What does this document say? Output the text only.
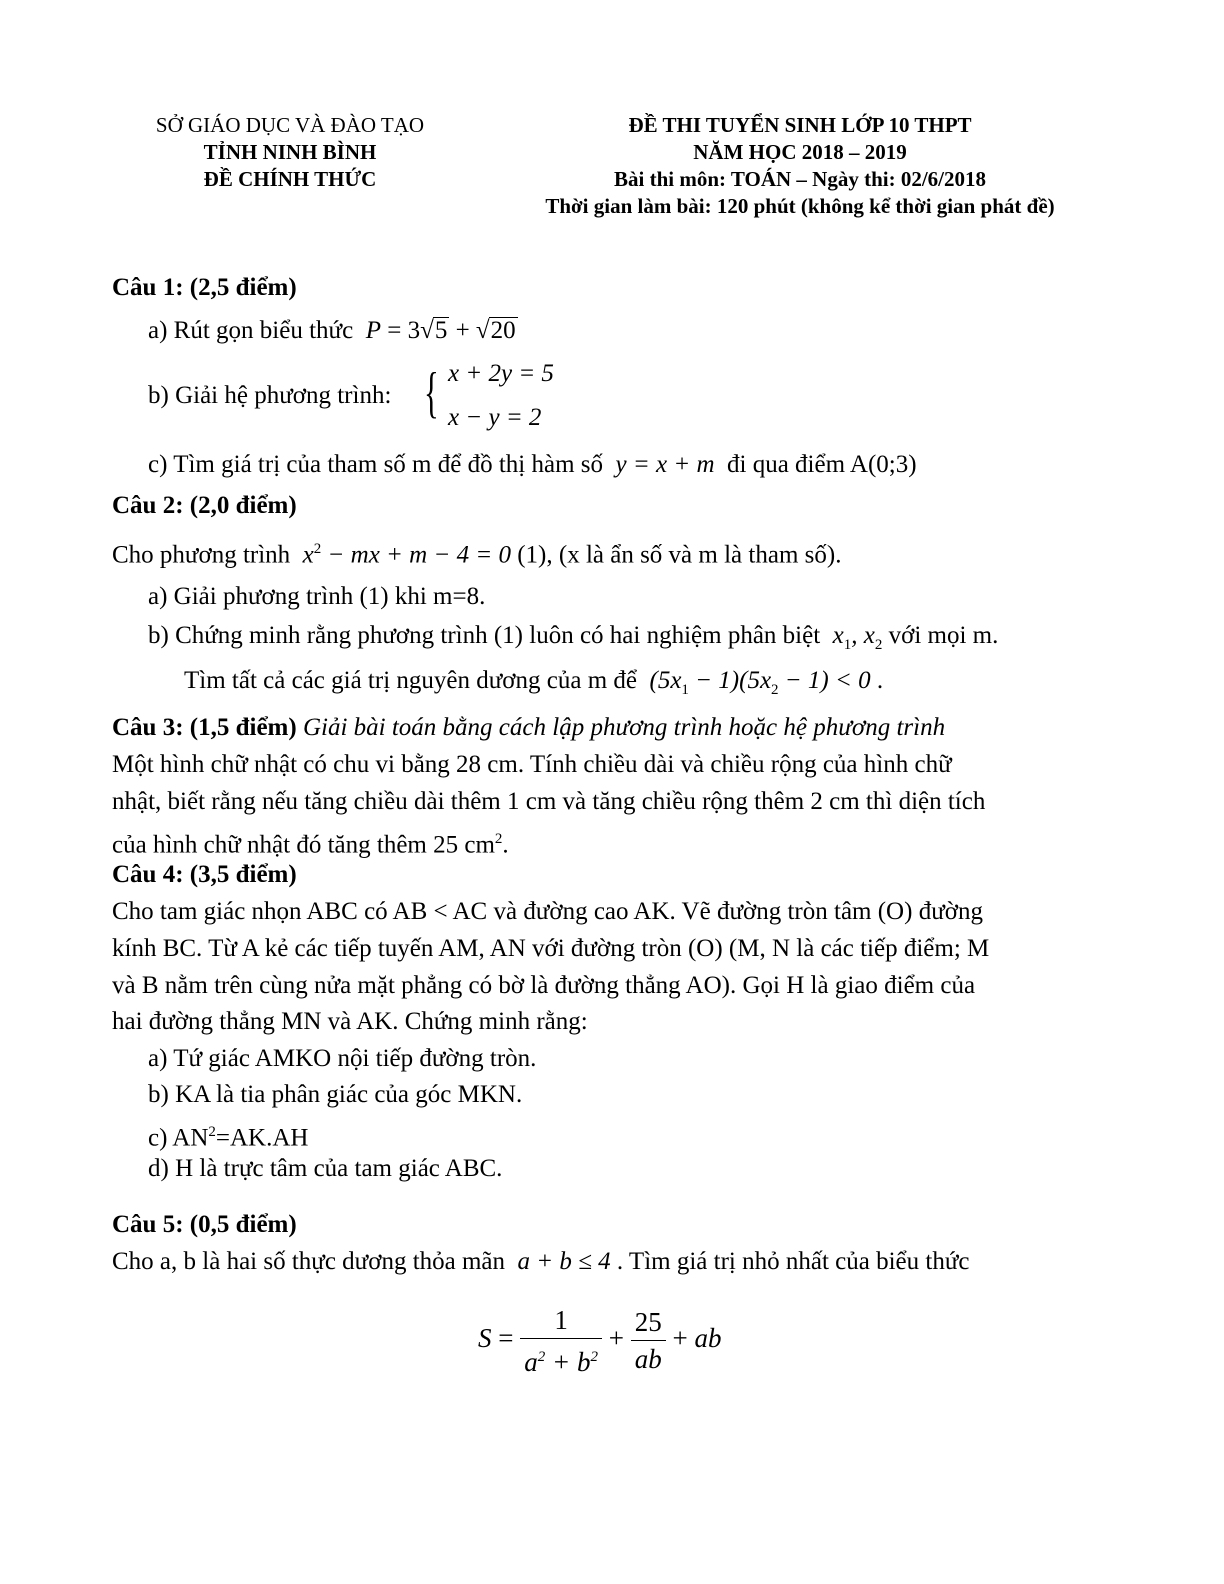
SỞ GIÁO DỤC VÀ ĐÀO TẠO
TỈNH NINH BÌNH
ĐỀ CHÍNH THỨC
ĐỀ THI TUYỂN SINH LỚP 10 THPT
NĂM HỌC 2018 – 2019
Bài thi môn: TOÁN – Ngày thi: 02/6/2018
Thời gian làm bài: 120 phút (không kể thời gian phát đề)
Câu 1: (2,5 điểm)
a) Rút gọn biểu thức P = 3√5 + √20
b) Giải hệ phương trình: { x + 2y = 5
x − y = 2
c) Tìm giá trị của tham số m để đồ thị hàm số y = x + m đi qua điểm A(0;3)
Câu 2: (2,0 điểm)
Cho phương trình $x^2$ − mx + m − 4 = 0 (1), (x là ẩn số và m là tham số).
a) Giải phương trình (1) khi m=8.
b) Chứng minh rằng phương trình (1) luôn có hai nghiệm phân biệt $x_1$, $x_2$ với mọi m.
Tìm tất cả các giá trị nguyên dương của m để $(5x_1 - 1)(5x_2 - 1) < 0$ .
Câu 3: (1,5 điểm) Giải bài toán bằng cách lập phương trình hoặc hệ phương trình
Một hình chữ nhật có chu vi bằng 28 cm. Tính chiều dài và chiều rộng của hình chữ
nhật, biết rằng nếu tăng chiều dài thêm 1 cm và tăng chiều rộng thêm 2 cm thì diện tích
của hình chữ nhật đó tăng thêm 25 $cm^2$.
Câu 4: (3,5 điểm)
Cho tam giác nhọn ABC có AB < AC và đường cao AK. Vẽ đường tròn tâm (O) đường
kính BC. Từ A kẻ các tiếp tuyến AM, AN với đường tròn (O) (M, N là các tiếp điểm; M
và B nằm trên cùng nửa mặt phẳng có bờ là đường thẳng AO). Gọi H là giao điểm của
hai đường thẳng MN và AK. Chứng minh rằng:
a) Tứ giác AMKO nội tiếp đường tròn.
b) KA là tia phân giác của góc MKN.
c) $AN^2=AK.AH$
d) H là trực tâm của tam giác ABC.
Câu 5: (0,5 điểm)
Cho a, b là hai số thực dương thỏa mãn a + b ≤ 4 . Tìm giá trị nhỏ nhất của biểu thức
$S = \frac{1}{a^2 + b^2} + \frac{25}{ab}$ + ab
